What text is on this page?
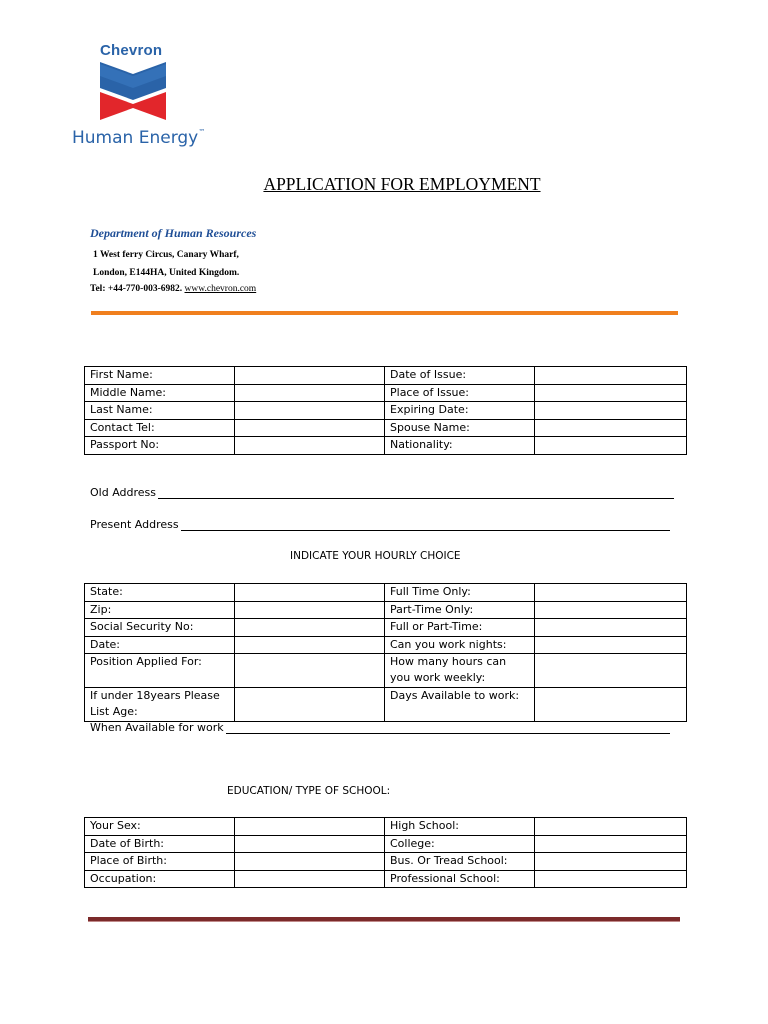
Chevron
Human Energy™
APPLICATION FOR EMPLOYMENT
Department of Human Resources
1 West ferry Circus, Canary Wharf,
London, E144HA, United Kingdom.
Tel: +44-770-003-6982. www.chevron.com
First Name:		Date of Issue:	
Middle Name:		Place of Issue:	
Last Name:		Expiring Date:	
Contact Tel:		Spouse Name:	
Passport No:		Nationality:	
Old Address
Present Address
INDICATE YOUR HOURLY CHOICE
State:		Full Time Only:	
Zip:		Part-Time Only:	
Social Security No:		Full or Part-Time:	
Date:		Can you work nights:	
Position Applied For:		How many hours can you work weekly:	
If under 18years Please List Age:		Days Available to work:	
When Available for work
EDUCATION/ TYPE OF SCHOOL:
Your Sex:		High School:	
Date of Birth:		College:	
Place of Birth:		Bus. Or Tread School:	
Occupation:		Professional School:	
